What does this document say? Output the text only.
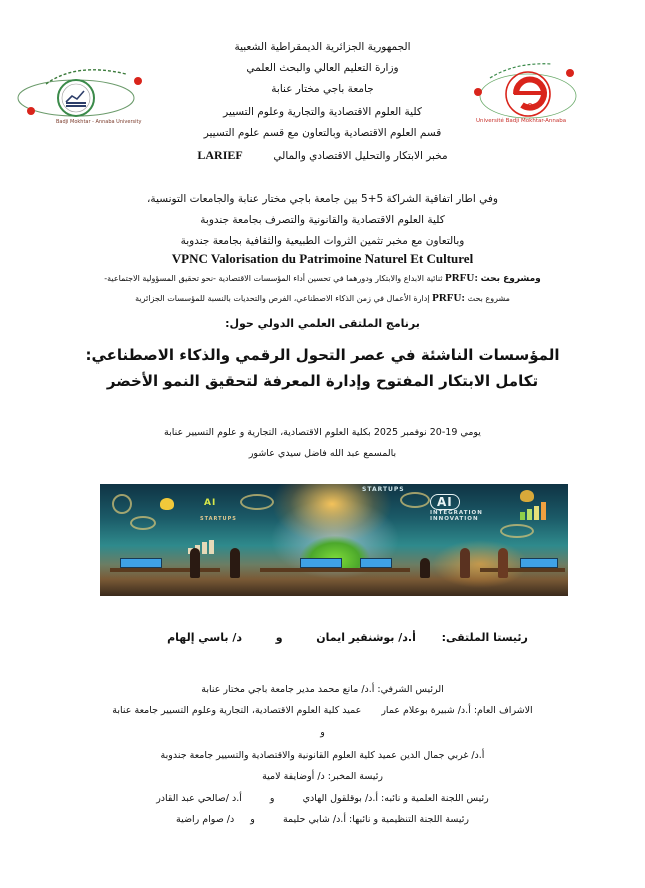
Badji Mokhtar - Annaba University	Université Badji Mokhtar-Annaba
الجمهورية الجزائرية الديمقراطية الشعبية
وزارة التعليم العالي والبحث العلمي
جامعة باجي مختار عنابة
كلية العلوم الاقتصادية والتجارية وعلوم التسيير
قسم العلوم الاقتصادية وبالتعاون مع قسم علوم التسيير
مخبر الابتكار والتحليل الاقتصادي والمالي  LARIEF
وفي اطار اتفاقية الشراكة 5+5 بين جامعة باجي مختار عنابة والجامعات التونسية،
كلية العلوم الاقتصادية والقانونية والتصرف بجامعة جندوبة
وبالتعاون مع مخبر تثمين الثروات الطبيعية والثقافية بجامعة جندوبة
VPNC Valorisation du Patrimoine Naturel Et Culturel
ومشروع بحث PRFU: ثنائية الابداع والابتكار ودورهما في تحسين أداء المؤسسات الاقتصادية -نحو تحقيق المسؤولية الاجتماعية-
مشروع بحث PRFU: إدارة الأعمال في زمن الذكاء الاصطناعي، الفرص والتحديات بالنسبة للمؤسسات الجزائرية
برنامج الملتقى العلمي الدولي حول:
المؤسسات الناشئة في عصر التحول الرقمي والذكاء الاصطناعي:
تكامل الابتكار المفتوح وإدارة المعرفة لتحقيق النمو الأخضر
يومي 19-20 نوفمبر 2025 بكلية العلوم الاقتصادية، التجارية و علوم التسيير عنابة
بالمسمع عبد الله فاضل سيدي عاشور
AI
STARTUPS
STARTUPS
AI
INTEGRATION
INNOVATION
رئيستا الملتقى:  أ.د/ بوشنقير ايمان  و  د/ باسي إلهام
الرئيس الشرفي: أ.د/ مانع محمد مدير جامعة باجي مختار عنابة
الاشراف العام: أ.د/ شبيرة بوعلام عمار  عميد كلية العلوم الاقتصادية، التجارية وعلوم التسيير جامعة عنابة
و
أ.د/ غربي جمال الدين عميد كلية العلوم القانونية والاقتصادية والتسيير جامعة جندوبة
رئيسة المخبر: د/ أوضايفة لامية
رئيس اللجنة العلمية و نائبه: أ.د/ بوقلقول الهادي  و  أ.د /صالحي عبد القادر
رئيسة اللجنة التنظيمية و نائبها: أ.د/ شابي حليمة  و  د/ صوام راضية
